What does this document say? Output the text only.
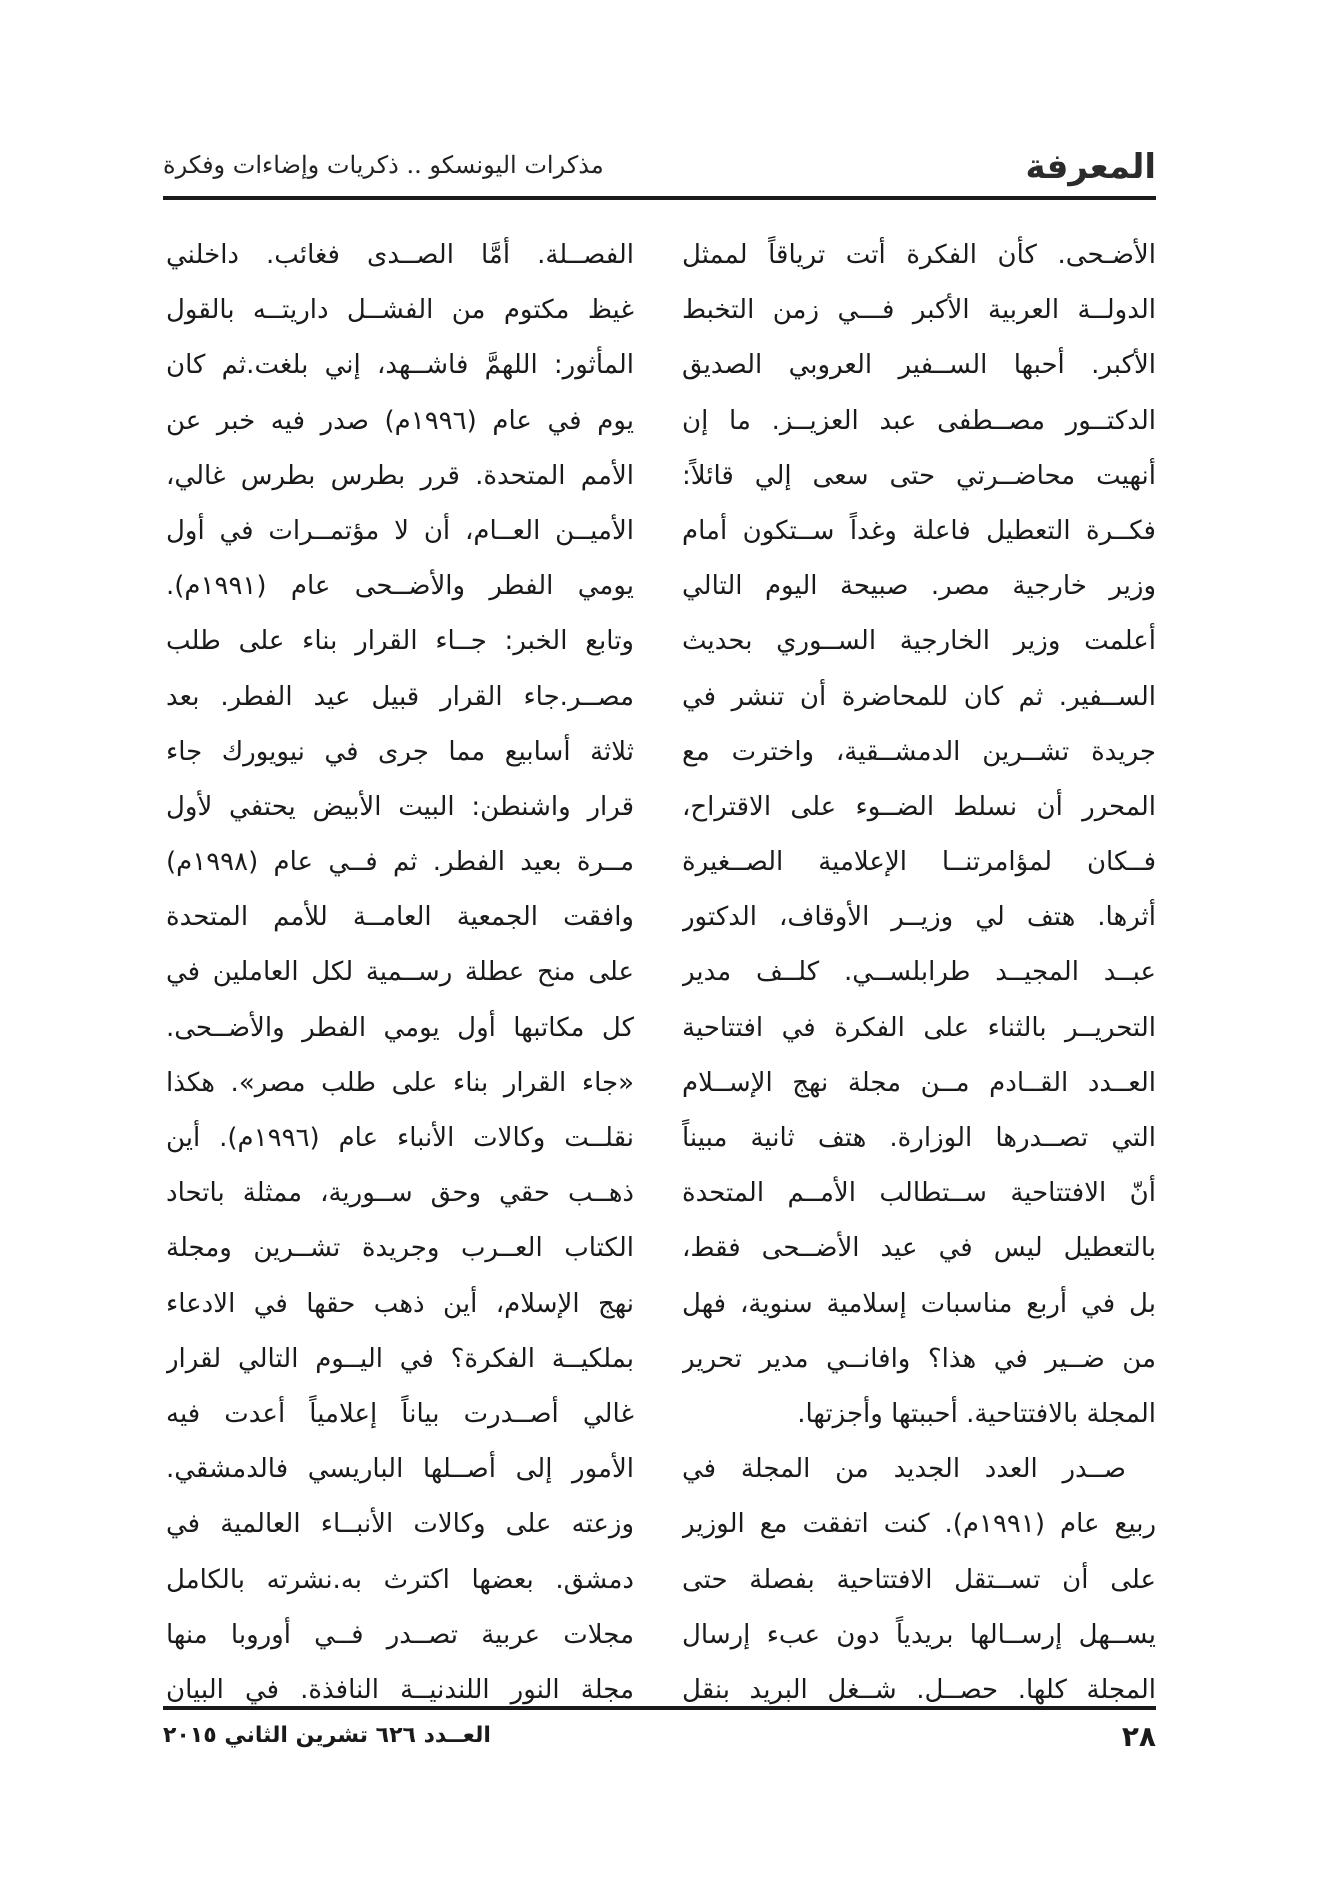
المعرفة
مذكرات اليونسكو .. ذكريات وإضاءات وفكرة
الأضـحى. كأن الفكرة أتت ترياقاً لممثل
الدولــة العربية الأكبر فـــي زمن التخبط
الأكبر. أحبها الســفير العروبي الصديق
الدكتــور مصــطفى عبد العزيــز. ما إن
أنهيت محاضــرتي حتى سعى إلي قائلاً:
فكــرة التعطيل فاعلة وغداً ســتكون أمام
وزير خارجية مصر. صبيحة اليوم التالي
أعلمت وزير الخارجية الســوري بحديث
الســفير. ثم كان للمحاضرة أن تنشر في
جريدة تشــرين الدمشــقية، واخترت مع
المحرر أن نسلط الضــوء على الاقتراح،
فــكان لمؤامرتنــا الإعلامية الصــغيرة
أثرها. هتف لي وزيــر الأوقاف، الدكتور
عبــد المجيــد طرابلســي. كلــف مدير
التحريــر بالثناء على الفكرة في افتتاحية
العــدد القــادم مــن مجلة نهج الإســلام
التي تصــدرها الوزارة. هتف ثانية مبيناً
أنّ الافتتاحية ســتطالب الأمــم المتحدة
بالتعطيل ليس في عيد الأضــحى فقط،
بل في أربع مناسبات إسلامية سنوية، فهل
من ضــير في هذا؟ وافانــي مدير تحرير
المجلة بالافتتاحية. أحببتها وأجزتها.
صــدر العدد الجديد من المجلة في
ربيع عام (١٩٩١م). كنت اتفقت مع الوزير
على أن تســتقل الافتتاحية بفصلة حتى
يســهل إرســالها بريدياً دون عبء إرسال
المجلة كلها. حصــل. شــغل البريد بنقل
الفصــلة. أمَّا الصــدى فغائب. داخلني
غيظ مكتوم من الفشــل داريتــه بالقول
المأثور: اللهمَّ فاشــهد، إني بلغت.ثم كان
يوم في عام (١٩٩٦م) صدر فيه خبر عن
الأمم المتحدة. قرر بطرس بطرس غالي،
الأميــن العــام، أن لا مؤتمــرات في أول
يومي الفطر والأضــحى عام (١٩٩١م).
وتابع الخبر: جــاء القرار بناء على طلب
مصــر.جاء القرار قبيل عيد الفطر. بعد
ثلاثة أسابيع مما جرى في نيويورك جاء
قرار واشنطن: البيت الأبيض يحتفي لأول
مــرة بعيد الفطر. ثم فــي عام (١٩٩٨م)
وافقت الجمعية العامــة للأمم المتحدة
على منح عطلة رســمية لكل العاملين في
كل مكاتبها أول يومي الفطر والأضــحى.
«جاء القرار بناء على طلب مصر». هكذا
نقلــت وكالات الأنباء عام (١٩٩٦م). أين
ذهــب حقي وحق ســورية، ممثلة باتحاد
الكتاب العــرب وجريدة تشــرين ومجلة
نهج الإسلام، أين ذهب حقها في الادعاء
بملكيــة الفكرة؟ في اليــوم التالي لقرار
غالي أصــدرت بياناً إعلامياً أعدت فيه
الأمور إلى أصــلها الباريسي فالدمشقي.
وزعته على وكالات الأنبــاء العالمية في
دمشق. بعضها اكترث به.نشرته بالكامل
مجلات عربية تصــدر فــي أوروبا منها
مجلة النور اللندنيــة النافذة. في البيان
٢٨
العــدد ٦٢٦ تشرين الثاني ٢٠١٥
